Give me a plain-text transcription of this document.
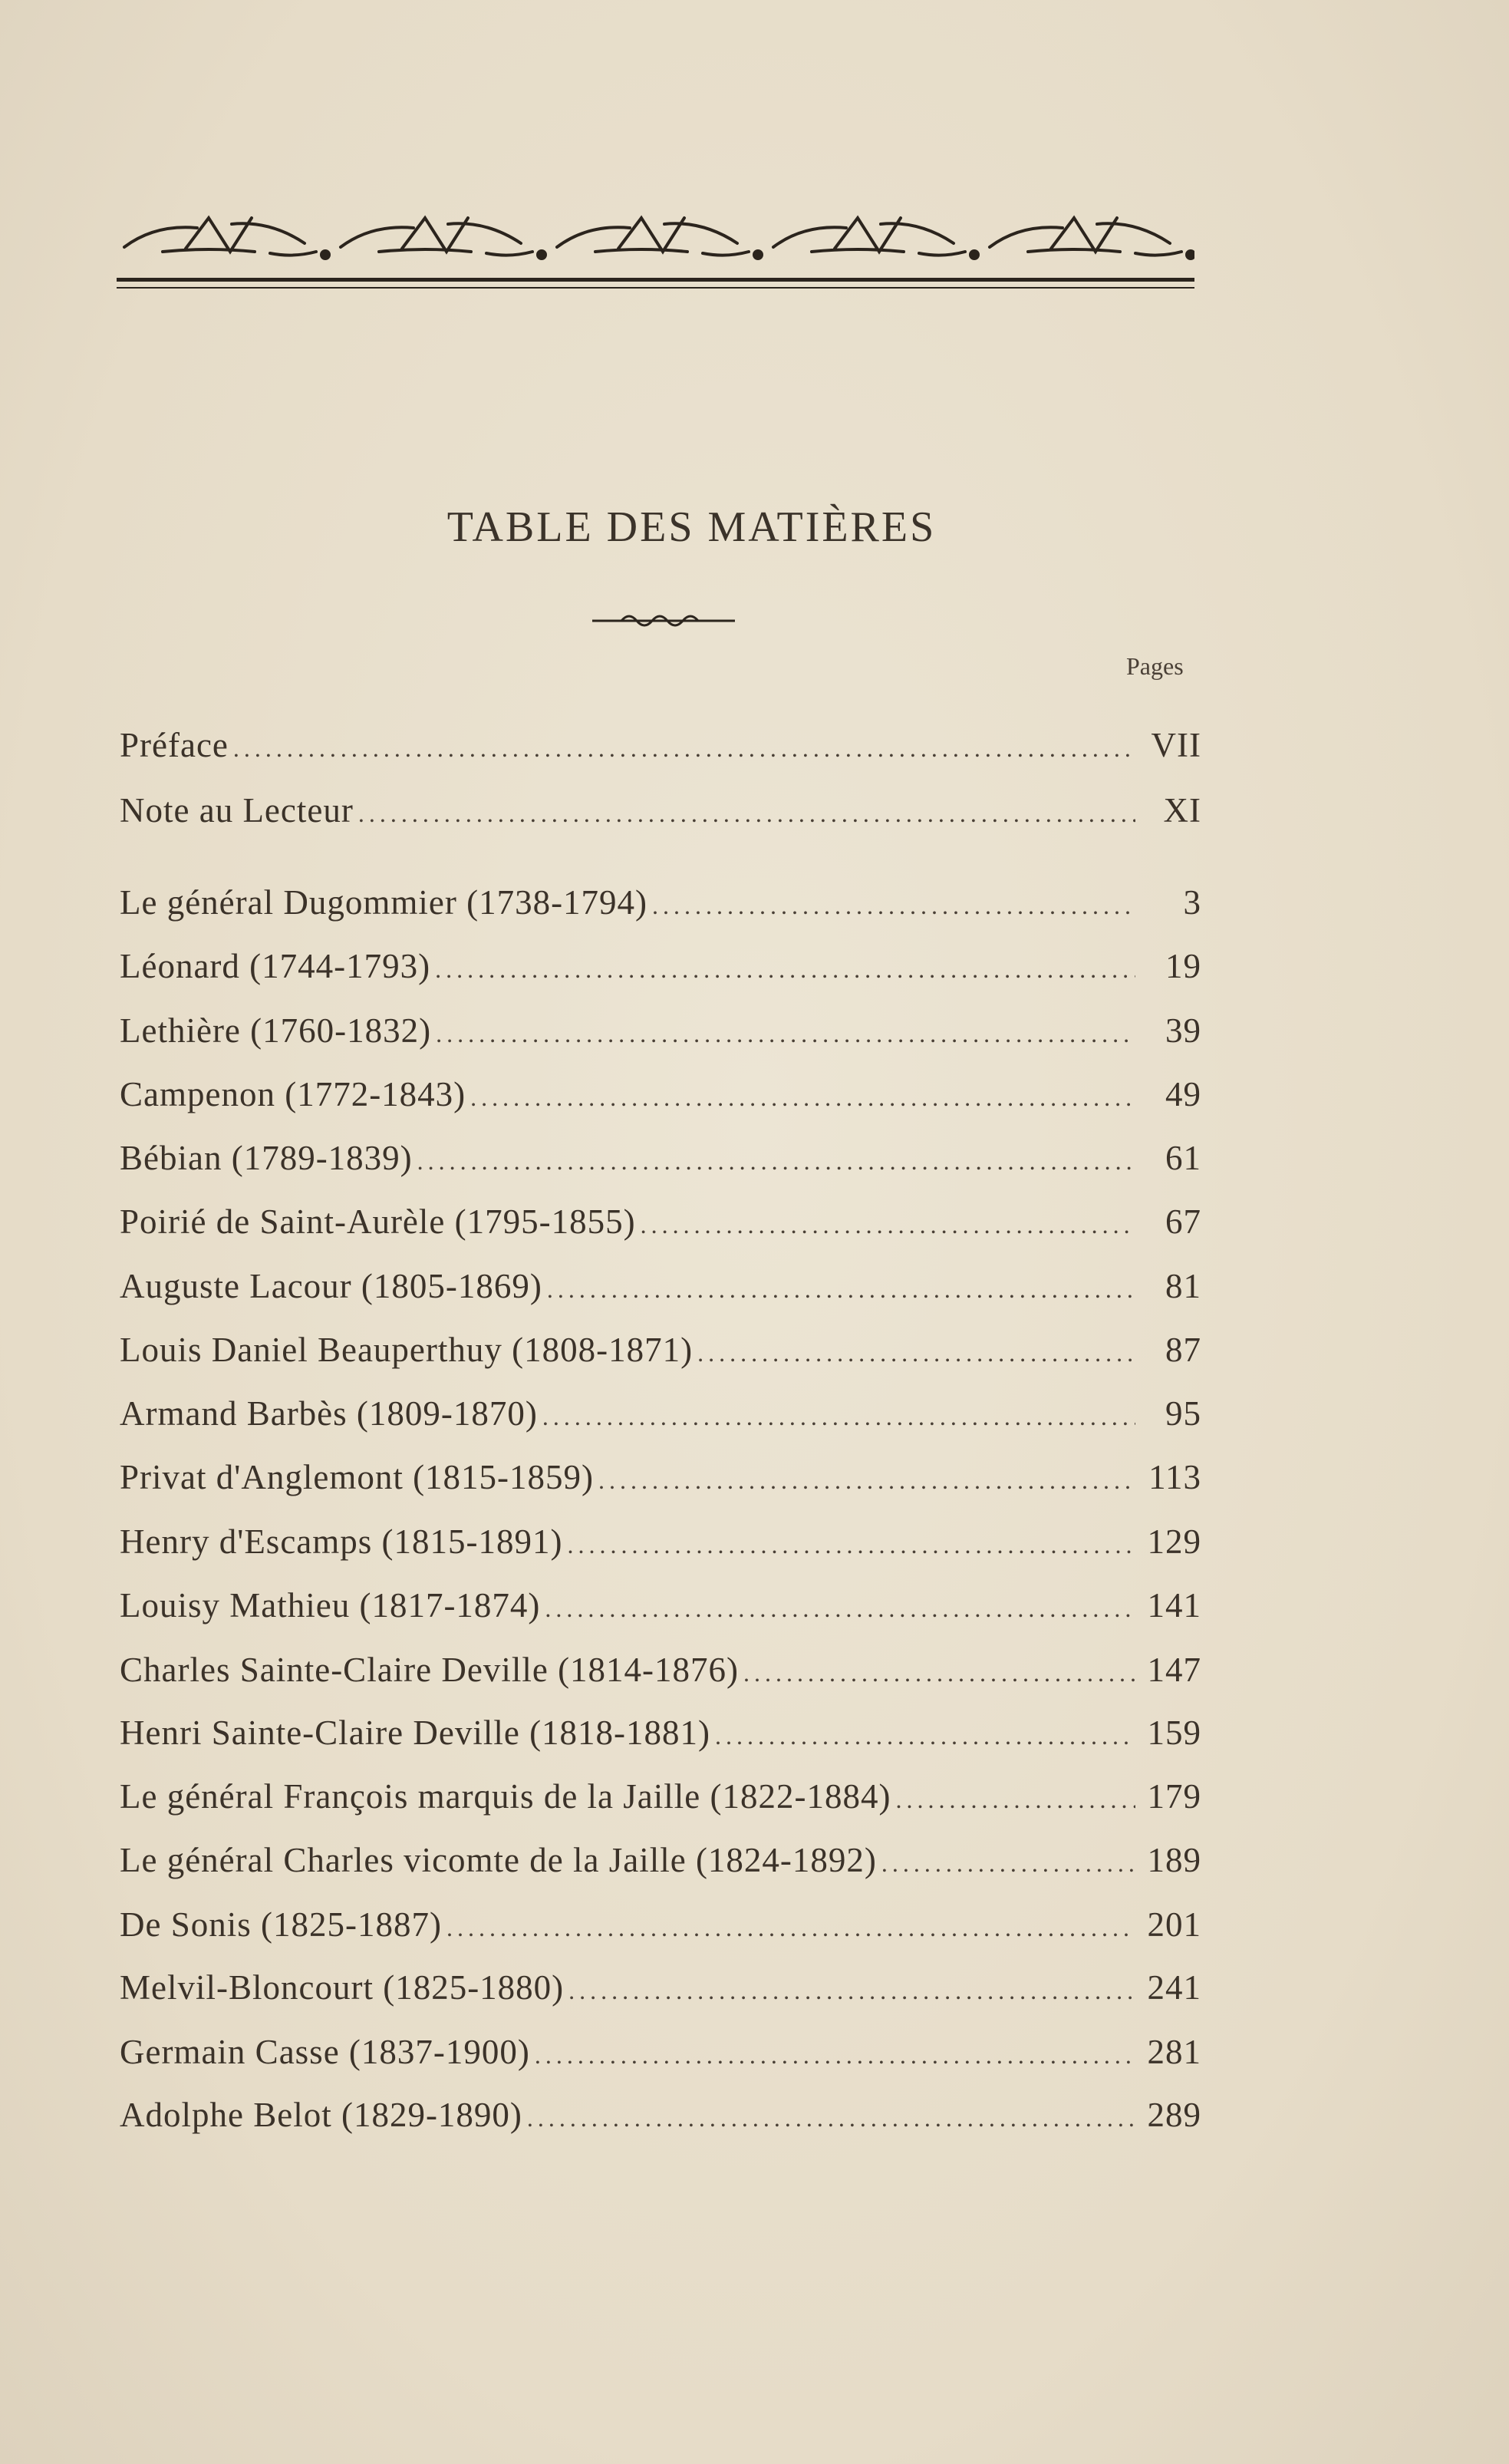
TABLE DES MATIÈRES
Pages
Préface .....	VII
Note au Lecteur .....	XI
Le général Dugommier (1738-1794) .....	3
Léonard (1744-1793) .....	19
Lethière (1760-1832) .....	39
Campenon (1772-1843) .....	49
Bébian (1789-1839) .....	61
Poirié de Saint-Aurèle (1795-1855) .....	67
Auguste Lacour (1805-1869) .....	81
Louis Daniel Beauperthuy (1808-1871) .....	87
Armand Barbès (1809-1870) .....	95
Privat d'Anglemont (1815-1859) .....	113
Henry d'Escamps (1815-1891) .....	129
Louisy Mathieu (1817-1874) .....	141
Charles Sainte-Claire Deville (1814-1876) .....	147
Henri Sainte-Claire Deville (1818-1881) .....	159
Le général François marquis de la Jaille (1822-1884) .....	179
Le général Charles vicomte de la Jaille (1824-1892) .....	189
De Sonis (1825-1887) .....	201
Melvil-Bloncourt (1825-1880) .....	241
Germain Casse (1837-1900) .....	281
Adolphe Belot (1829-1890) .....	289
